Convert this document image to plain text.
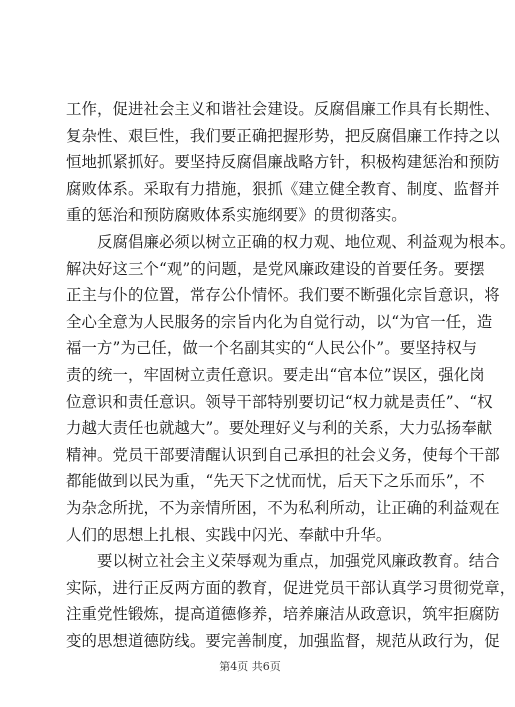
工作，促进社会主义和谐社会建设。反腐倡廉工作具有长期性、
复杂性、艰巨性，我们要正确把握形势，把反腐倡廉工作持之以
恒地抓紧抓好。要坚持反腐倡廉战略方针，积极构建惩治和预防
腐败体系。采取有力措施，狠抓《建立健全教育、制度、监督并
重的惩治和预防腐败体系实施纲要》的贯彻落实。
　　反腐倡廉必须以树立正确的权力观、地位观、利益观为根本。
解决好这三个“观”的问题，是党风廉政建设的首要任务。要摆
正主与仆的位置，常存公仆情怀。我们要不断强化宗旨意识，将
全心全意为人民服务的宗旨内化为自觉行动，以“为官一任，造
福一方”为己任，做一个名副其实的“人民公仆”。要坚持权与
责的统一，牢固树立责任意识。要走出“官本位”误区，强化岗
位意识和责任意识。领导干部特别要切记“权力就是责任”、“权
力越大责任也就越大”。要处理好义与利的关系，大力弘扬奉献
精神。党员干部要清醒认识到自己承担的社会义务，使每个干部
都能做到以民为重，“先天下之忧而忧，后天下之乐而乐”，不
为杂念所扰，不为亲情所困，不为私利所动，让正确的利益观在
人们的思想上扎根、实践中闪光、奉献中升华。
　　要以树立社会主义荣辱观为重点，加强党风廉政教育。结合
实际，进行正反两方面的教育，促进党员干部认真学习贯彻党章，
注重党性锻炼，提高道德修养，培养廉洁从政意识，筑牢拒腐防
变的思想道德防线。要完善制度，加强监督，规范从政行为，促
第4页 共6页
